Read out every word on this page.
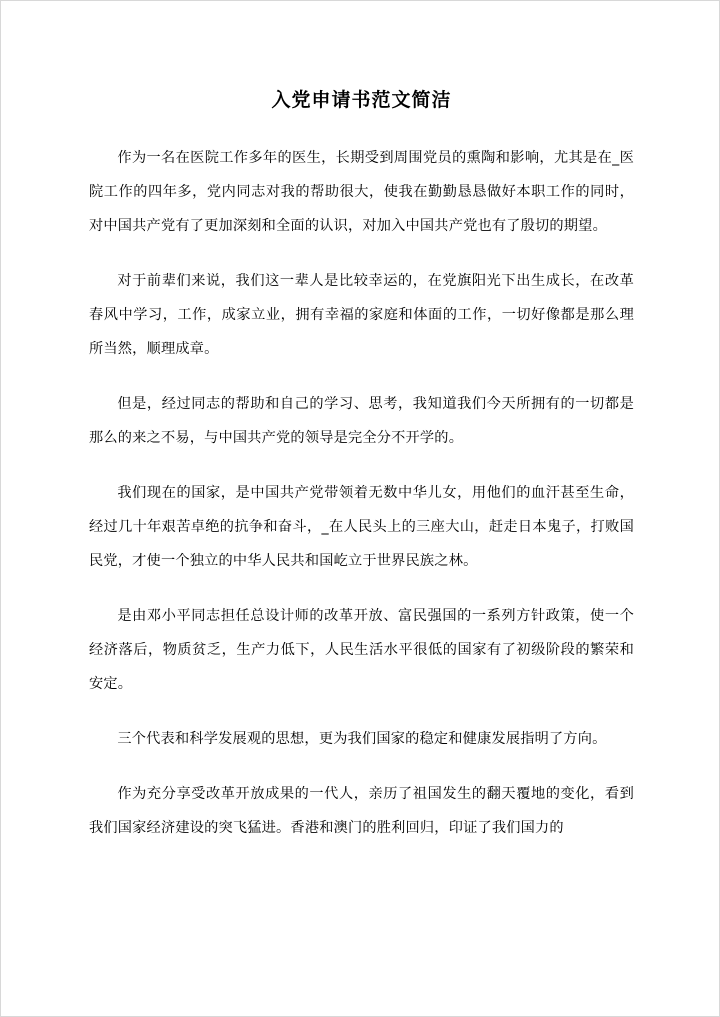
入党申请书范文简洁

作为一名在医院工作多年的医生，长期受到周围党员的熏陶和影响，尤其是在_医院工作的四年多，党内同志对我的帮助很大，使我在勤勤恳恳做好本职工作的同时，对中国共产党有了更加深刻和全面的认识，对加入中国共产党也有了殷切的期望。

对于前辈们来说，我们这一辈人是比较幸运的，在党旗阳光下出生成长，在改革春风中学习，工作，成家立业，拥有幸福的家庭和体面的工作，一切好像都是那么理所当然，顺理成章。

但是，经过同志的帮助和自己的学习、思考，我知道我们今天所拥有的一切都是那么的来之不易，与中国共产党的领导是完全分不开学的。

我们现在的国家，是中国共产党带领着无数中华儿女，用他们的血汗甚至生命，经过几十年艰苦卓绝的抗争和奋斗，_在人民头上的三座大山，赶走日本鬼子，打败国民党，才使一个独立的中华人民共和国屹立于世界民族之林。

是由邓小平同志担任总设计师的改革开放、富民强国的一系列方针政策，使一个经济落后，物质贫乏，生产力低下，人民生活水平很低的国家有了初级阶段的繁荣和安定。

三个代表和科学发展观的思想，更为我们国家的稳定和健康发展指明了方向。

作为充分享受改革开放成果的一代人，亲历了祖国发生的翻天覆地的变化，看到我们国家经济建设的突飞猛进。香港和澳门的胜利回归，印证了我们国力的
